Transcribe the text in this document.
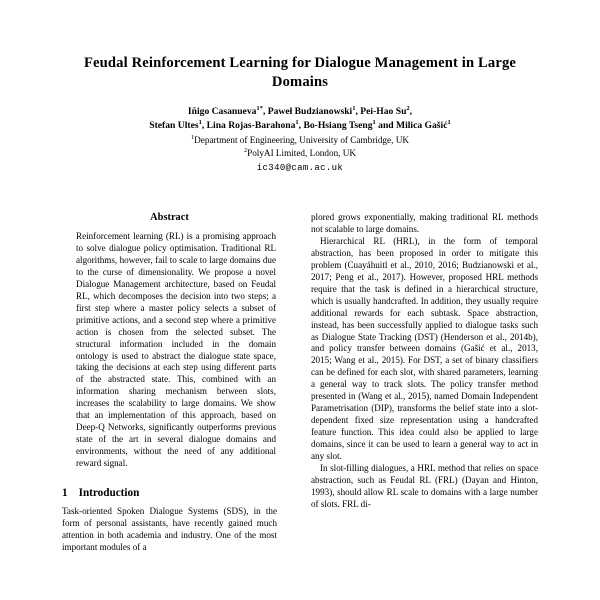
Feudal Reinforcement Learning for Dialogue Management in Large Domains
Iñigo Casanueva$^{1*}$, Paweł Budzianowski$^1$, Pei-Hao Su$^2$,
Stefan Ultes$^1$, Lina Rojas-Barahona$^1$, Bo-Hsiang Tseng$^1$ and Milica Gašić$^1$
$^1$Department of Engineering, University of Cambridge, UK
$^2$PolyAI Limited, London, UK
ic340@cam.ac.uk
Abstract

Reinforcement learning (RL) is a promising approach to solve dialogue policy optimisation. Traditional RL algorithms, however, fail to scale to large domains due to the curse of dimensionality. We propose a novel Dialogue Management architecture, based on Feudal RL, which decomposes the decision into two steps; a first step where a master policy selects a subset of primitive actions, and a second step where a primitive action is chosen from the selected subset. The structural information included in the domain ontology is used to abstract the dialogue state space, taking the decisions at each step using different parts of the abstracted state. This, combined with an information sharing mechanism between slots, increases the scalability to large domains. We show that an implementation of this approach, based on Deep-Q Networks, significantly outperforms previous state of the art in several dialogue domains and environments, without the need of any additional reward signal.

1 Introduction

Task-oriented Spoken Dialogue Systems (SDS), in the form of personal assistants, have recently gained much attention in both academia and industry. One of the most important modules of a

plored grows exponentially, making traditional RL methods not scalable to large domains.

Hierarchical RL (HRL), in the form of temporal abstraction, has been proposed in order to mitigate this problem (Cuayáhuitl et al., 2010, 2016; Budzianowski et al., 2017; Peng et al., 2017). However, proposed HRL methods require that the task is defined in a hierarchical structure, which is usually handcrafted. In addition, they usually require additional rewards for each subtask. Space abstraction, instead, has been successfully applied to dialogue tasks such as Dialogue State Tracking (DST) (Henderson et al., 2014b), and policy transfer between domains (Gašić et al., 2013, 2015; Wang et al., 2015). For DST, a set of binary classifiers can be defined for each slot, with shared parameters, learning a general way to track slots. The policy transfer method presented in (Wang et al., 2015), named Domain Independent Parametrisation (DIP), transforms the belief state into a slot-dependent fixed size representation using a handcrafted feature function. This idea could also be applied to large domains, since it can be used to learn a general way to act in any slot.

In slot-filling dialogues, a HRL method that relies on space abstraction, such as Feudal RL (FRL) (Dayan and Hinton, 1993), should allow RL scale to domains with a large number of slots. FRL di-
